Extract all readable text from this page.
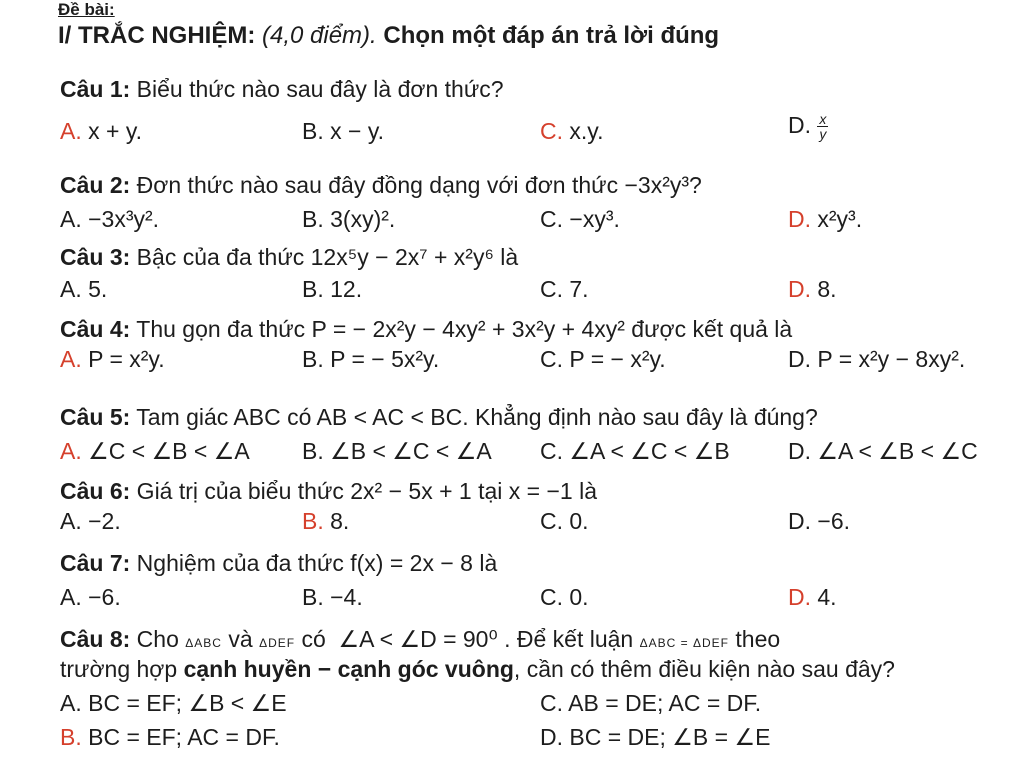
Đề bài:
I/ TRẮC NGHIỆM: (4,0 điểm). Chọn một đáp án trả lời đúng
Câu 1: Biểu thức nào sau đây là đơn thức?
A. x + y.	B. x − y.	C. x.y.	D. $\frac{x}{y}$
Câu 2: Đơn thức nào sau đây đồng dạng với đơn thức −3x²y³?
A. −3x³y².	B. 3(xy)².	C. −xy³.	D. x²y³.
Câu 3: Bậc của đa thức 12x⁵y − 2x⁷ + x²y⁶ là
A. 5.	B. 12.	C. 7.	D. 8.
Câu 4: Thu gọn đa thức P = − 2x²y − 4xy² + 3x²y + 4xy² được kết quả là
A. P = x²y.	B. P = − 5x²y.	C. P = − x²y.	D. P = x²y − 8xy².
Câu 5: Tam giác ABC có AB < AC < BC. Khẳng định nào sau đây là đúng?
A. ∠C < ∠B < ∠A B. ∠B < ∠C < ∠A C. ∠A < ∠C < ∠B	D. ∠A < ∠B < ∠C
Câu 6: Giá trị của biểu thức 2x² − 5x + 1 tại x = −1 là
A. −2.	B. 8.	C. 0.	D. −6.
Câu 7: Nghiệm của đa thức f(x) = 2x − 8 là
A. −6.	B. −4.	C. 0.	D. 4.
Câu 8: Cho ΔABC và ΔDEF có  ∠A < ∠D = 90⁰ . Để kết luận ΔABC = ΔDEF theo
trường hợp cạnh huyền − cạnh góc vuông, cần có thêm điều kiện nào sau đây?
A. BC = EF; ∠B < ∠E	C. AB = DE; AC = DF.
B. BC = EF; AC = DF.	D. BC = DE; ∠B = ∠E
